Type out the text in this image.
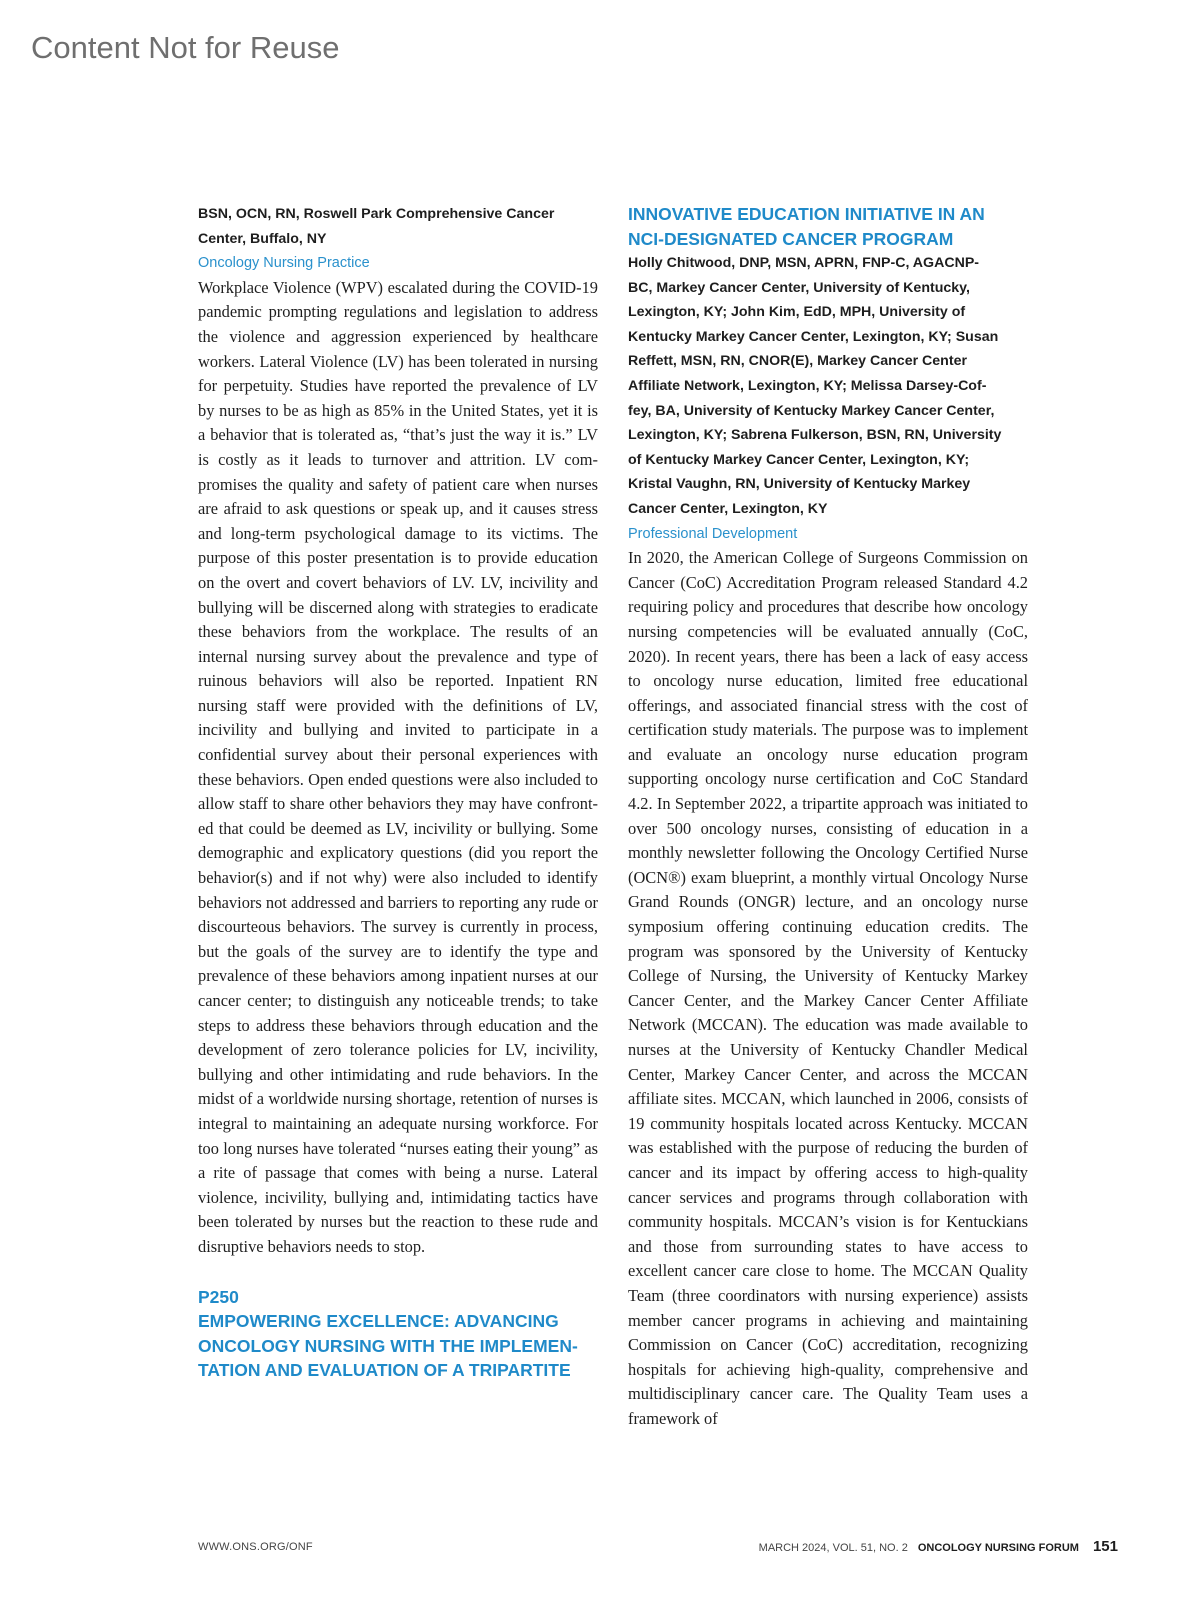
Content Not for Reuse

BSN, OCN, RN, Roswell Park Comprehensive Cancer
Center, Buffalo, NY

Oncology Nursing Practice

Workplace Violence (WPV) escalated during the COVID-19 pandemic prompting regulations and legislation to address the violence and aggression experienced by healthcare workers. Lateral Violence (LV) has been tolerated in nursing for perpetuity. Studies have reported the prevalence of LV by nurses to be as high as 85% in the United States, yet it is a behavior that is tolerated as, “that’s just the way it is.” LV is costly as it leads to turnover and attrition. LV compromises the quality and safety of patient care when nurses are afraid to ask questions or speak up, and it causes stress and long-term psychological damage to its victims. The purpose of this poster presentation is to provide education on the overt and covert behaviors of LV. LV, incivility and bullying will be discerned along with strategies to eradicate these behaviors from the workplace. The results of an internal nursing survey about the prevalence and type of ruinous behaviors will also be reported. Inpatient RN nursing staff were provided with the definitions of LV, incivility and bullying and invited to participate in a confidential survey about their personal experiences with these behaviors. Open ended questions were also included to allow staff to share other behaviors they may have confronted that could be deemed as LV, incivility or bullying. Some demographic and explicatory questions (did you report the behavior(s) and if not why) were also included to identify behaviors not addressed and barriers to reporting any rude or discourteous behaviors. The survey is currently in process, but the goals of the survey are to identify the type and prevalence of these behaviors among inpatient nurses at our cancer center; to distinguish any noticeable trends; to take steps to address these behaviors through education and the development of zero tolerance policies for LV, incivility, bullying and other intimidating and rude behaviors. In the midst of a worldwide nursing shortage, retention of nurses is integral to maintaining an adequate nursing workforce. For too long nurses have tolerated “nurses eating their young” as a rite of passage that comes with being a nurse. Lateral violence, incivility, bullying and, intimidating tactics have been tolerated by nurses but the reaction to these rude and disruptive behaviors needs to stop.

P250
EMPOWERING EXCELLENCE: ADVANCING
ONCOLOGY NURSING WITH THE IMPLEMEN-
TATION AND EVALUATION OF A TRIPARTITE
INNOVATIVE EDUCATION INITIATIVE IN AN
NCI-DESIGNATED CANCER PROGRAM

Holly Chitwood, DNP, MSN, APRN, FNP-C, AGACNP-
BC, Markey Cancer Center, University of Kentucky,
Lexington, KY; John Kim, EdD, MPH, University of
Kentucky Markey Cancer Center, Lexington, KY; Susan
Reffett, MSN, RN, CNOR(E), Markey Cancer Center
Affiliate Network, Lexington, KY; Melissa Darsey-Cof-
fey, BA, University of Kentucky Markey Cancer Center,
Lexington, KY; Sabrena Fulkerson, BSN, RN, University
of Kentucky Markey Cancer Center, Lexington, KY;
Kristal Vaughn, RN, University of Kentucky Markey
Cancer Center, Lexington, KY

Professional Development

In 2020, the American College of Surgeons Commission on Cancer (CoC) Accreditation Program released Standard 4.2 requiring policy and procedures that describe how oncology nursing competencies will be evaluated annually (CoC, 2020). In recent years, there has been a lack of easy access to oncology nurse education, limited free educational offerings, and associated financial stress with the cost of certification study materials. The purpose was to implement and evaluate an oncology nurse education program supporting oncology nurse certification and CoC Standard 4.2. In September 2022, a tripartite approach was initiated to over 500 oncology nurses, consisting of education in a monthly newsletter following the Oncology Certified Nurse (OCN®) exam blueprint, a monthly virtual Oncology Nurse Grand Rounds (ONGR) lecture, and an oncology nurse symposium offering continuing education credits. The program was sponsored by the University of Kentucky College of Nursing, the University of Kentucky Markey Cancer Center, and the Markey Cancer Center Affiliate Network (MCCAN). The education was made available to nurses at the University of Kentucky Chandler Medical Center, Markey Cancer Center, and across the MCCAN affiliate sites. MCCAN, which launched in 2006, consists of 19 community hospitals located across Kentucky. MCCAN was established with the purpose of reducing the burden of cancer and its impact by offering access to high-quality cancer services and programs through collaboration with community hospitals. MCCAN’s vision is for Kentuckians and those from surrounding states to have access to excellent cancer care close to home. The MCCAN Quality Team (three coordinators with nursing experience) assists member cancer programs in achieving and maintaining Commission on Cancer (CoC) accreditation, recognizing hospitals for achieving high-quality, comprehensive and multidisciplinary cancer care. The Quality Team uses a framework of

WWW.ONS.ORG/ONF	MARCH 2024, VOL. 51, NO. 2 ONCOLOGY NURSING FORUM 151
